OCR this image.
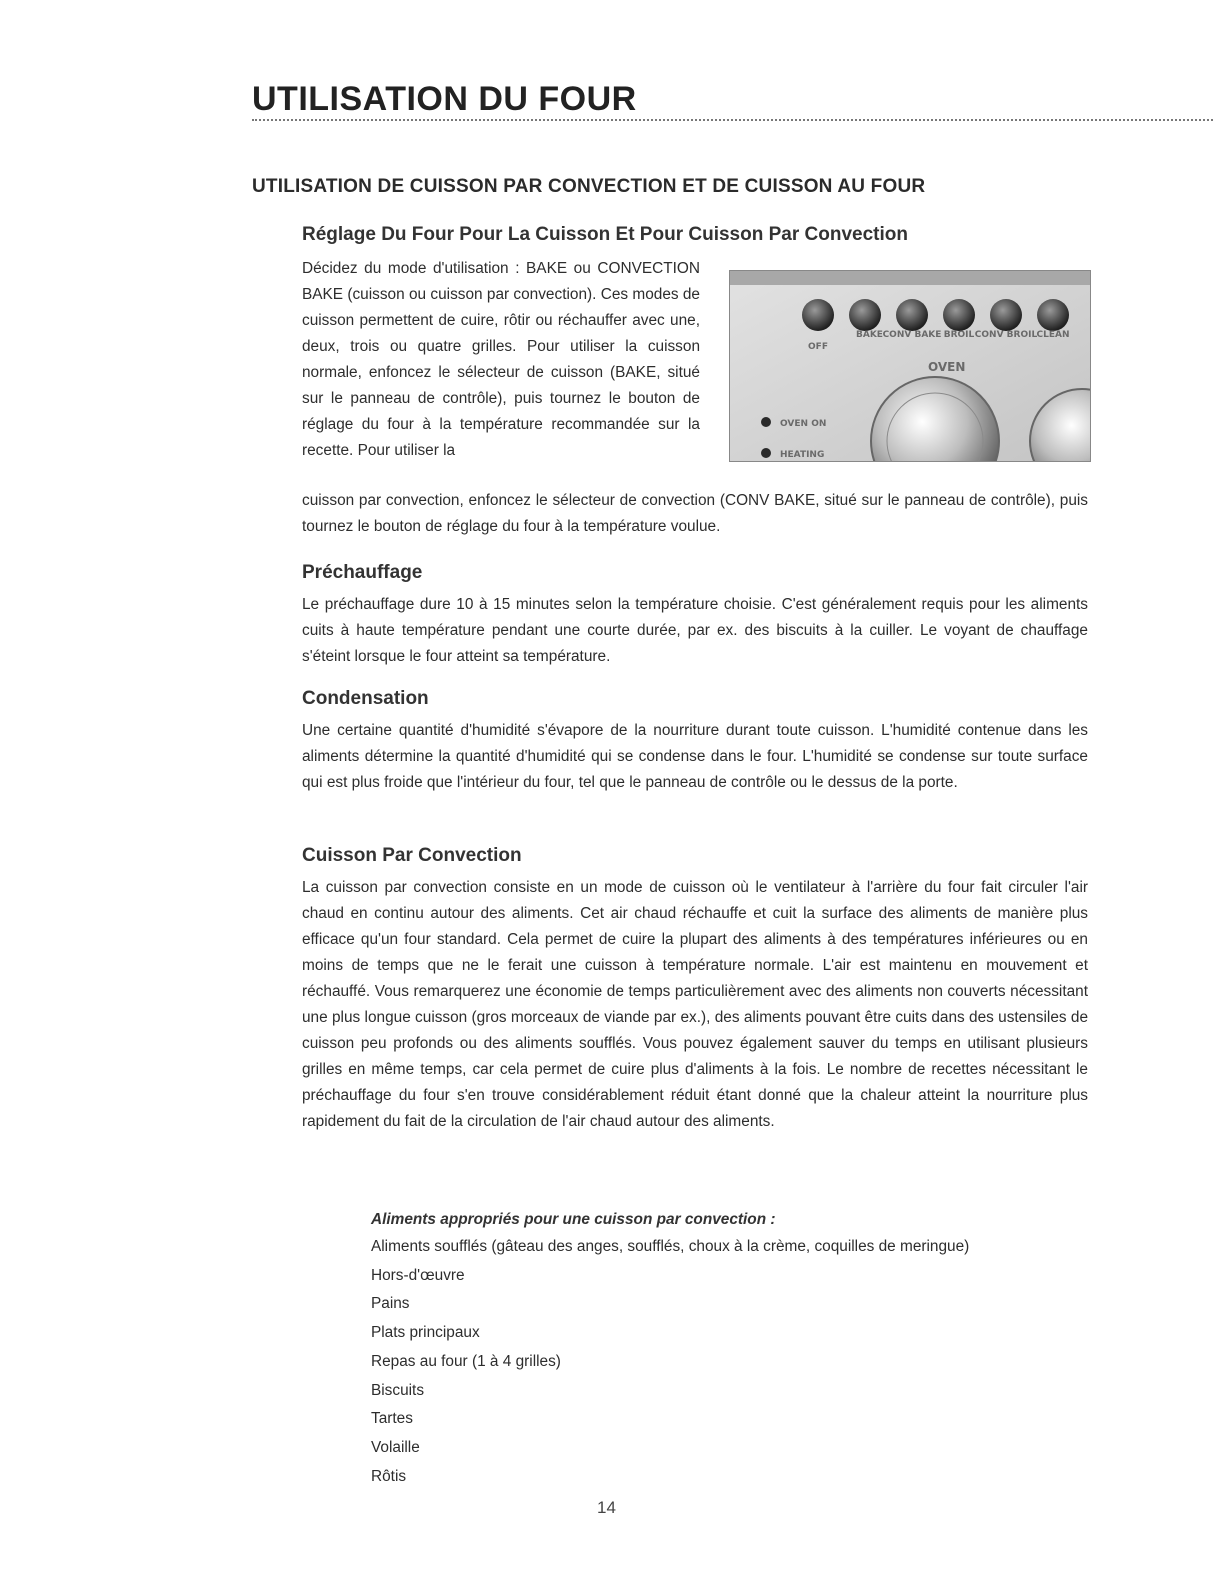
UTILISATION DU FOUR
UTILISATION DE CUISSON PAR CONVECTION ET DE CUISSON AU FOUR
Réglage Du Four Pour La Cuisson Et Pour Cuisson Par Convection

Décidez du mode d'utilisation : BAKE ou CONVECTION BAKE (cuisson ou cuisson par convection). Ces modes de cuisson permettent de cuire, rôtir ou réchauffer avec une, deux, trois ou quatre grilles. Pour utiliser la cuisson normale, enfoncez le sélecteur de cuisson (BAKE, situé sur le panneau de contrôle), puis tournez le bouton de réglage du four à la température recommandée sur la recette. Pour utiliser la

cuisson par convection, enfoncez le sélecteur de convection (CONV BAKE, situé sur le panneau de contrôle), puis tournez le bouton de réglage du four à la température voulue.

OFF
BAKE CONV BAKE BROIL CONV BROIL CLEAN
OVEN
OVEN ON
HEATING
Préchauffage

Le préchauffage dure 10 à 15 minutes selon la température choisie. C'est généralement requis pour les aliments cuits à haute température pendant une courte durée, par ex. des biscuits à la cuiller. Le voyant de chauffage s'éteint lorsque le four atteint sa température.

Condensation

Une certaine quantité d'humidité s'évapore de la nourriture durant toute cuisson. L'humidité contenue dans les aliments détermine la quantité d'humidité qui se condense dans le four. L'humidité se condense sur toute surface qui est plus froide que l'intérieur du four, tel que le panneau de contrôle ou le dessus de la porte.

Cuisson Par Convection

La cuisson par convection consiste en un mode de cuisson où le ventilateur à l'arrière du four fait circuler l'air chaud en continu autour des aliments. Cet air chaud réchauffe et cuit la surface des aliments de manière plus efficace qu'un four standard. Cela permet de cuire la plupart des aliments à des températures inférieures ou en moins de temps que ne le ferait une cuisson à température normale. L'air est maintenu en mouvement et réchauffé. Vous remarquerez une économie de temps particulièrement avec des aliments non couverts nécessitant une plus longue cuisson (gros morceaux de viande par ex.), des aliments pouvant être cuits dans des ustensiles de cuisson peu profonds ou des aliments soufflés. Vous pouvez également sauver du temps en utilisant plusieurs grilles en même temps, car cela permet de cuire plus d'aliments à la fois. Le nombre de recettes nécessitant le préchauffage du four s'en trouve considérablement réduit étant donné que la chaleur atteint la nourriture plus rapidement du fait de la circulation de l'air chaud autour des aliments.

Aliments appropriés pour une cuisson par convection :

Aliments soufflés (gâteau des anges, soufflés, choux à la crème, coquilles de meringue)
Hors-d'œuvre
Pains
Plats principaux
Repas au four (1 à 4 grilles)
Biscuits
Tartes
Volaille
Rôtis
14
